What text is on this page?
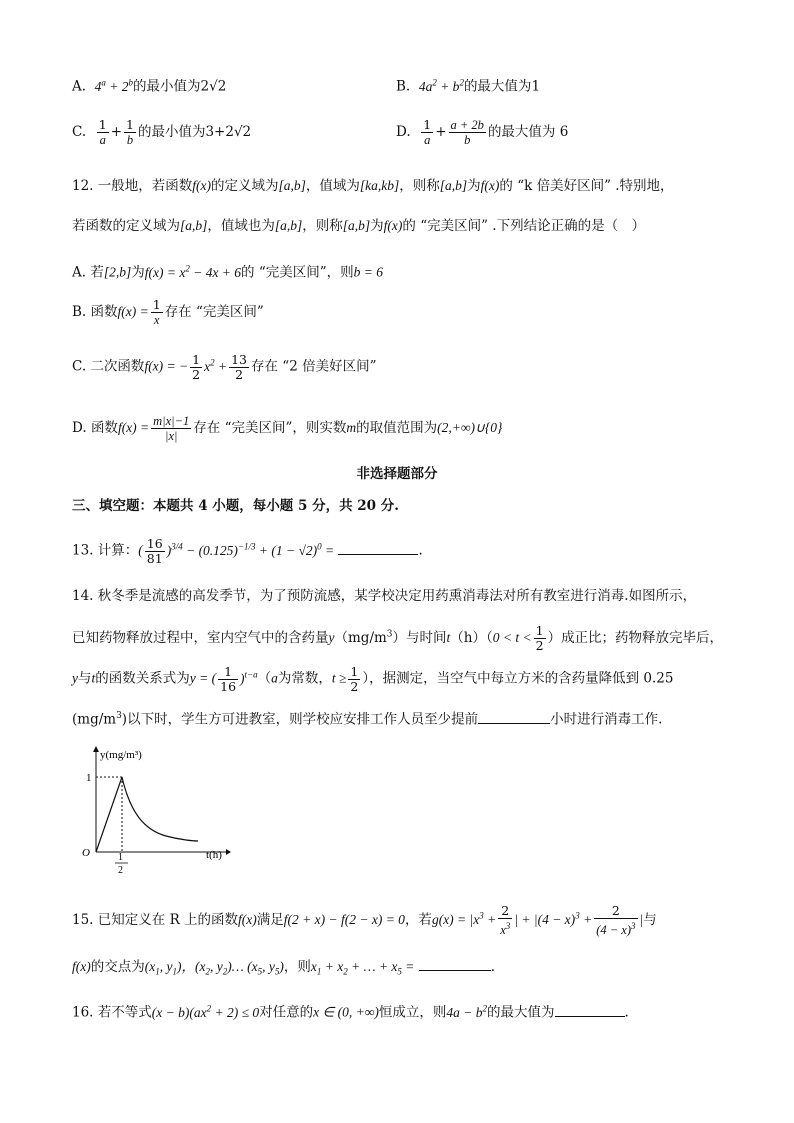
A. $4^a + 2^b$的最小值为2√2	B. $4a^2 + b^2$的最大值为1
C. $\frac{1}{a} + \frac{1}{b}$ 的最小值为3+2√2	D. $\frac{1}{a} + \frac{a + 2b}{b}$ 的最大值为 6
12. 一般地，若函数f(x)的定义域为[a,b]，值域为[ka,kb]，则称[a,b]为f(x)的 “k 倍美好区间” .特别地，
若函数的定义域为[a,b]，值域也为[a,b]，则称[a,b]为f(x)的 “完美区间” .下列结论正确的是（　）
A. 若[2,b]为$f(x) = x^2 - 4x + 6$的 “完美区间”，则b = 6
B. 函数$f(x) = \frac{1}{x}$ 存在 “完美区间”
C. 二次函数f(x) = − $\frac{1}{2} x^2 + \frac{13}{2}$ 存在 “2 倍美好区间”
D. 函数$f(x) = \frac{m|x|-1}{|x|}$ 存在 “完美区间”，则实数m的取值范围为(2,+∞)∪{0}
非选择题部分
三、填空题：本题共 4 小题，每小题 5 分，共 20 分.
13. 计算：( $\frac{16}{81} )^{3/4} - (0.125)^{-1/3} + (1 - √2)^0$ =	.
14. 秋冬季是流感的高发季节，为了预防流感，某学校决定用药熏消毒法对所有教室进行消毒.如图所示，
已知药物释放过程中，室内空气中的含药量$y(mg/m^3)$与时间$t(h)(0 < t < \frac{1}{2}$ ）成正比；药物释放完毕后，
y与t的函数关系式为y = ( $\frac{1}{16} )^{t-a}(a$为常数，$t \ge \frac{1}{2}$ ），据测定，当空气中每立方米的含药量降低到 0.25
$(mg/m^3)$以下时，学生方可进教室，则学校应安排工作人员至少提前	小时进行消毒工作.
y(mg/m³)
1
O	1
2
t(h)
15. 已知定义在 R 上的函数f(x)满足f(2 + x) − f(2 − x) = 0，若$g(x) = |x^3 + \frac{2}{x^3}$ | + $|(4 - x)^3 + \frac{2}{(4 - x)^3}$ |与
f(x)的交点为($x_1$, $y_1$)，($x_2$, $y_2)\dots$ ($x_5$, $y_5$)，则$x_1 + x_2$ + … + $x_5$ =	.
16. 若不等式$(x - b)(ax^2 + 2) \le 0$对任意的x ∈ (0, +∞)恒成立，则$4a - b^2$的最大值为	.
